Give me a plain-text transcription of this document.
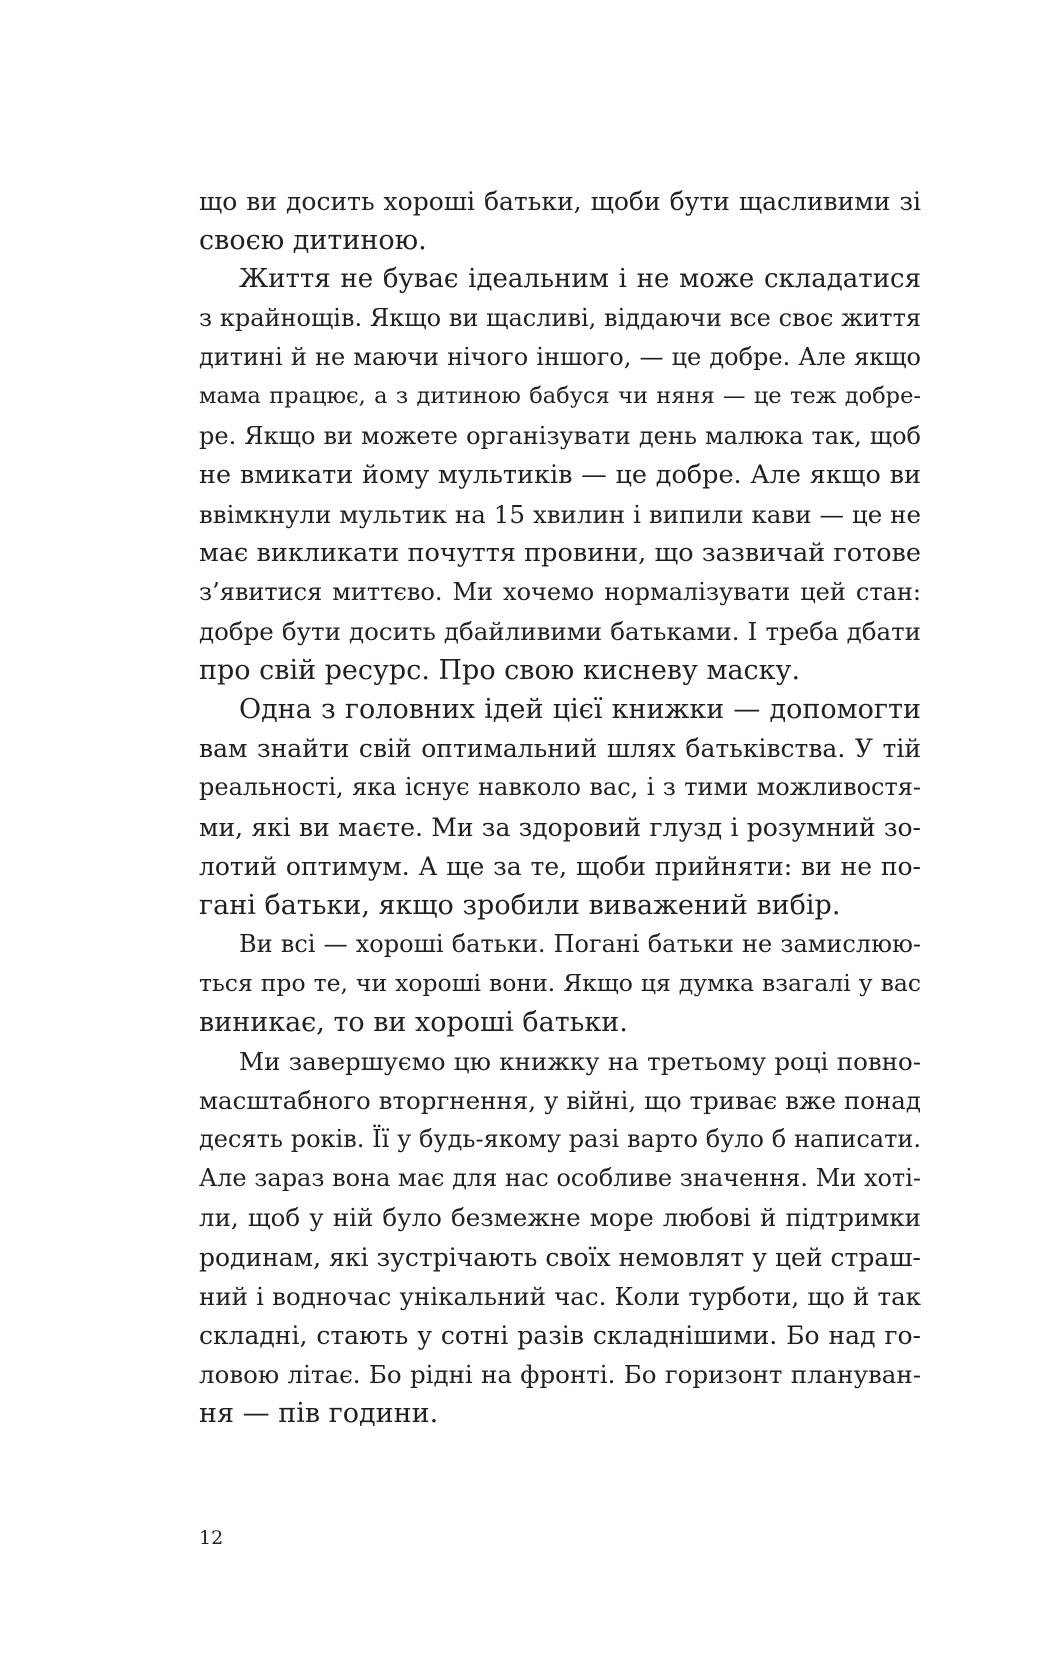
що ви досить хороші батьки, щоби бути щасливими зі
своєю дитиною.
Життя не буває ідеальним і не може складатися
з крайнощів. Якщо ви щасливі, віддаючи все своє життя
дитині й не маючи нічого іншого, — це добре. Але якщо
мама працює, а з дитиною бабуся чи няня — це теж добре-
ре. Якщо ви можете організувати день малюка так, щоб
не вмикати йому мультиків — це добре. Але якщо ви
ввімкнули мультик на 15 хвилин і випили кави — це не
має викликати почуття провини, що зазвичай готове
з’явитися миттєво. Ми хочемо нормалізувати цей стан:
добре бути досить дбайливими батьками. І треба дбати
про свій ресурс. Про свою кисневу маску.
Одна з головних ідей цієї книжки — допомогти
вам знайти свій оптимальний шлях батьківства. У тій
реальності, яка існує навколо вас, і з тими можливостя-
ми, які ви маєте. Ми за здоровий глузд і розумний зо-
лотий оптимум. А ще за те, щоби прийняти: ви не по-
гані батьки, якщо зробили виважений вибір.
Ви всі — хороші батьки. Погані батьки не замислюю-
ться про те, чи хороші вони. Якщо ця думка взагалі у вас
виникає, то ви хороші батьки.
Ми завершуємо цю книжку на третьому році повно-
масштабного вторгнення, у війні, що триває вже понад
десять років. Її у будь-якому разі варто було б написати.
Але зараз вона має для нас особливе значення. Ми хоті-
ли, щоб у ній було безмежне море любові й підтримки
родинам, які зустрічають своїх немовлят у цей страш-
ний і водночас унікальний час. Коли турботи, що й так
складні, стають у сотні разів складнішими. Бо над го-
ловою літає. Бо рідні на фронті. Бо горизонт плануван-
ня — пів години.
12
